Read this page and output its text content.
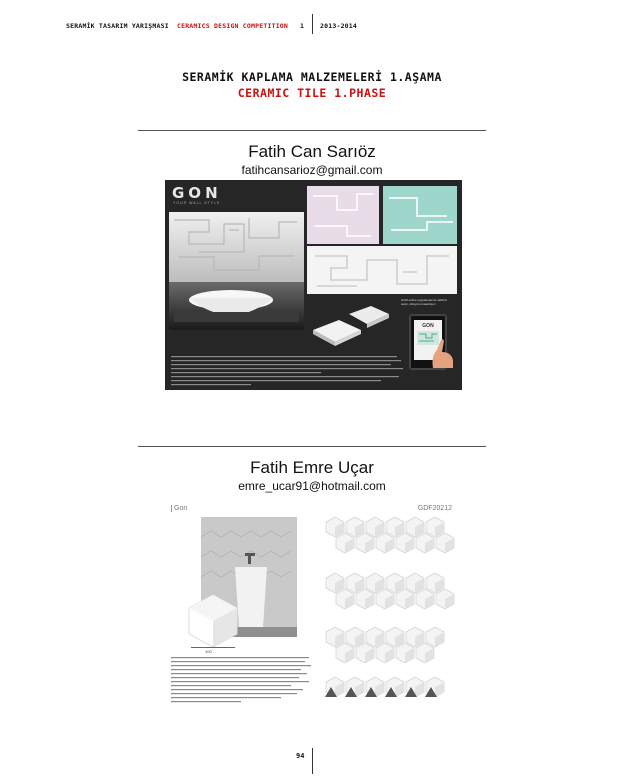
SERAMİK TASARIM YARIŞMASI CERAMICS DESIGN COMPETITION 1 2013-2014
SERAMİK KAPLAMA MALZEMELERİ 1.AŞAMA
CERAMIC TILE 1.PHASE
Fatih Can Sarıöz
fatihcansarioz@gmail.com
GON
YOUR WALL STYLE
GON online uygulaması ile sitilinizi seçin, dizaynını tasarlayın
GON
Fatih Emre Uçar
emre_ucar91@hotmail.com
Gon	GDF20212
100
94
